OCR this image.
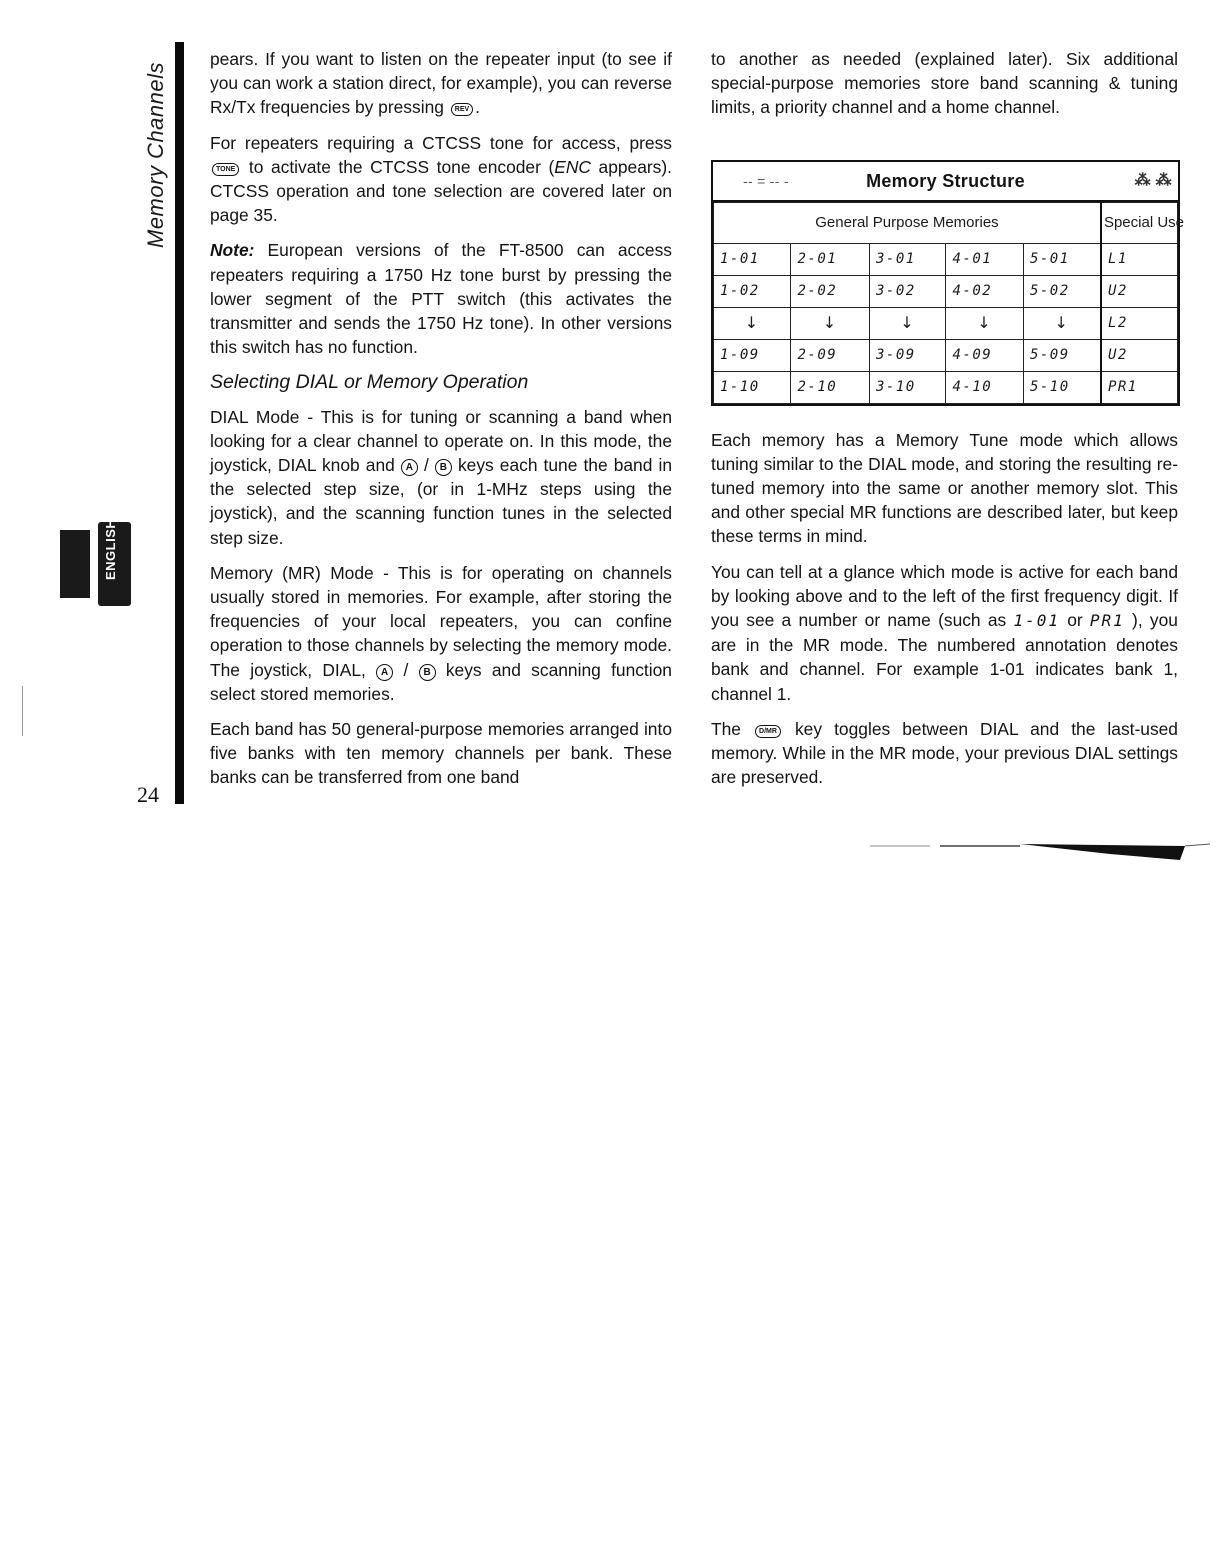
Memory Channels
24
ENGLISH

pears. If you want to listen on the repeater input (to see if you can work a station direct, for example), you can reverse Rx/Tx frequencies by pressing REV .

For repeaters requiring a CTCSS tone for access, press TONE to activate the CTCSS tone encoder (ENC appears). CTCSS operation and tone selection are covered later on page 35.

Note: European versions of the FT-8500 can access repeaters requiring a 1750 Hz tone burst by pressing the lower segment of the PTT switch (this activates the transmitter and sends the 1750 Hz tone). In other versions this switch has no function.

Selecting DIAL or Memory Operation

DIAL Mode - This is for tuning or scanning a band when looking for a clear channel to operate on. In this mode, the joystick, DIAL knob and A / B keys each tune the band in the selected step size, (or in 1-MHz steps using the joystick), and the scanning function tunes in the selected step size.

Memory (MR) Mode - This is for operating on channels usually stored in memories. For example, after storing the frequencies of your local repeaters, you can confine operation to those channels by selecting the memory mode. The joystick, DIAL, A / B keys and scanning function select stored memories.

Each band has 50 general-purpose memories arranged into five banks with ten memory channels per bank. These banks can be transferred from one band

to another as needed (explained later). Six additional special-purpose memories store band scanning & tuning limits, a priority channel and a home channel.

-- = -- -	Memory Structure	⁂ ⁂
General Purpose Memories					Special Use
1-01	2-01	3-01	4-01	5-01	L1
1-02	2-02	3-02	4-02	5-02	U2
↓	↓	↓	↓	↓	L2
1-09	2-09	3-09	4-09	5-09	U2
1-10	2-10	3-10	4-10	5-10	PR1

Each memory has a Memory Tune mode which allows tuning similar to the DIAL mode, and storing the resulting re-tuned memory into the same or another memory slot. This and other special MR functions are described later, but keep these terms in mind.

You can tell at a glance which mode is active for each band by looking above and to the left of the first frequency digit. If you see a number or name (such as 1-01 or PR1 ), you are in the MR mode. The numbered annotation denotes bank and channel. For example 1-01 indicates bank 1, channel 1.

The	D/MR key toggles between DIAL and the last-used memory. While in the MR mode, your previous DIAL settings are preserved.
